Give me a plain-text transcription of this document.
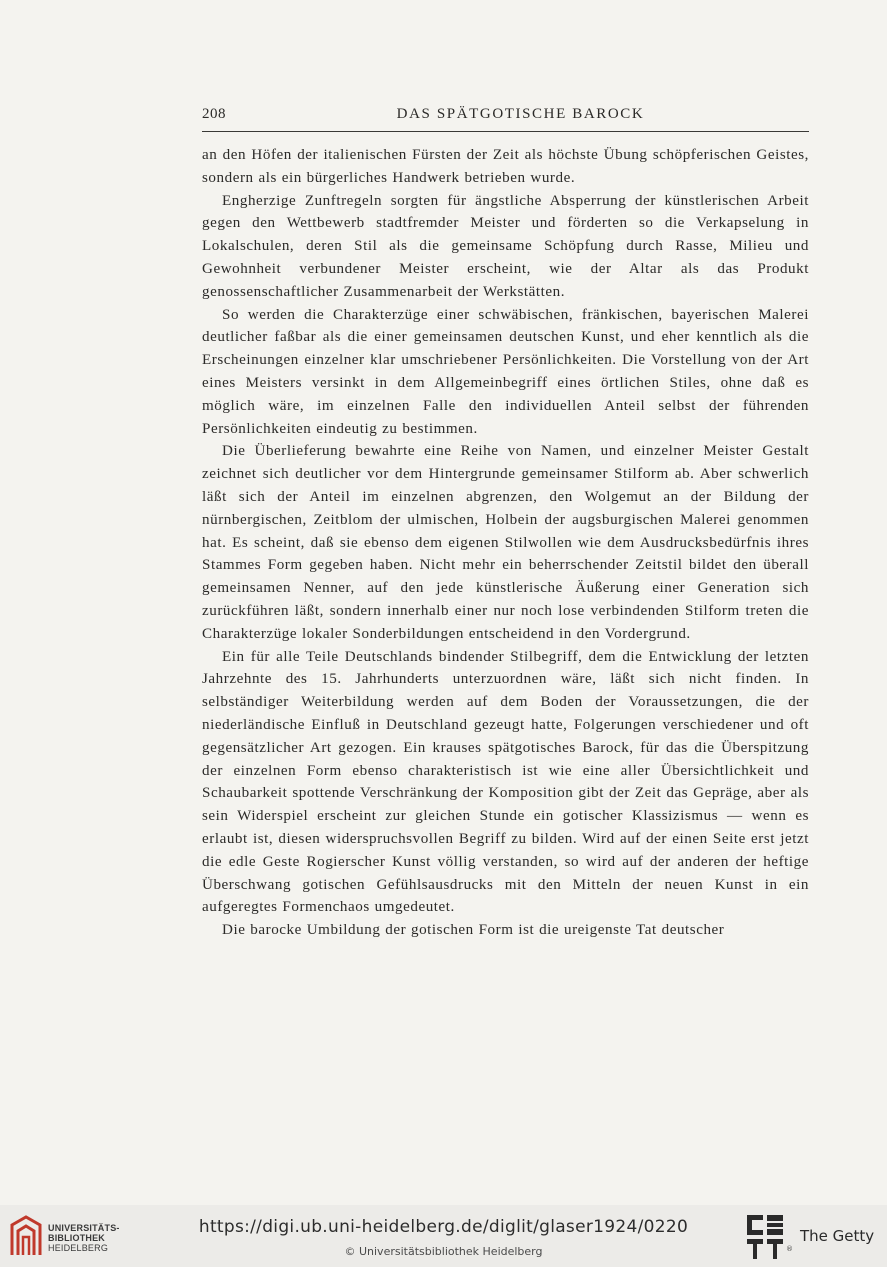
208	DAS SPÄTGOTISCHE BAROCK

an den Höfen der italienischen Fürsten der Zeit als höchste Übung schöpferischen Geistes, sondern als ein bürgerliches Handwerk betrieben wurde.

Engherzige Zunftregeln sorgten für ängstliche Absperrung der künstlerischen Arbeit gegen den Wettbewerb stadtfremder Meister und förderten so die Verkapselung in Lokalschulen, deren Stil als die gemeinsame Schöpfung durch Rasse, Milieu und Gewohnheit verbundener Meister erscheint, wie der Altar als das Produkt genossenschaftlicher Zusammenarbeit der Werkstätten.

So werden die Charakterzüge einer schwäbischen, fränkischen, bayerischen Malerei deutlicher faßbar als die einer gemeinsamen deutschen Kunst, und eher kenntlich als die Erscheinungen einzelner klar umschriebener Persönlichkeiten. Die Vorstellung von der Art eines Meisters versinkt in dem Allgemeinbegriff eines örtlichen Stiles, ohne daß es möglich wäre, im einzelnen Falle den individuellen Anteil selbst der führenden Persönlichkeiten eindeutig zu bestimmen.

Die Überlieferung bewahrte eine Reihe von Namen, und einzelner Meister Gestalt zeichnet sich deutlicher vor dem Hintergrunde gemeinsamer Stilform ab. Aber schwerlich läßt sich der Anteil im einzelnen abgrenzen, den Wolgemut an der Bildung der nürnbergischen, Zeitblom der ulmischen, Holbein der augsburgischen Malerei genommen hat. Es scheint, daß sie ebenso dem eigenen Stilwollen wie dem Ausdrucksbedürfnis ihres Stammes Form gegeben haben. Nicht mehr ein beherrschender Zeitstil bildet den überall gemeinsamen Nenner, auf den jede künstlerische Äußerung einer Generation sich zurückführen läßt, sondern innerhalb einer nur noch lose verbindenden Stilform treten die Charakterzüge lokaler Sonderbildungen entscheidend in den Vordergrund.

Ein für alle Teile Deutschlands bindender Stilbegriff, dem die Entwicklung der letzten Jahrzehnte des 15. Jahrhunderts unterzuordnen wäre, läßt sich nicht finden. In selbständiger Weiterbildung werden auf dem Boden der Voraussetzungen, die der niederländische Einfluß in Deutschland gezeugt hatte, Folgerungen verschiedener und oft gegensätzlicher Art gezogen. Ein krauses spätgotisches Barock, für das die Überspitzung der einzelnen Form ebenso charakteristisch ist wie eine aller Übersichtlichkeit und Schaubarkeit spottende Verschränkung der Komposition gibt der Zeit das Gepräge, aber als sein Widerspiel erscheint zur gleichen Stunde ein gotischer Klassizismus — wenn es erlaubt ist, diesen widerspruchsvollen Begriff zu bilden. Wird auf der einen Seite erst jetzt die edle Geste Rogierscher Kunst völlig verstanden, so wird auf der anderen der heftige Überschwang gotischen Gefühlsausdrucks mit den Mitteln der neuen Kunst in ein aufgeregtes Formenchaos umgedeutet.

Die barocke Umbildung der gotischen Form ist die ureigenste Tat deutscher

UNIVERSITÄTS-
BIBLIOTHEK
HEIDELBERG
https://digi.ub.uni-heidelberg.de/diglit/glaser1924/0220
© Universitätsbibliothek Heidelberg	®
The Getty
